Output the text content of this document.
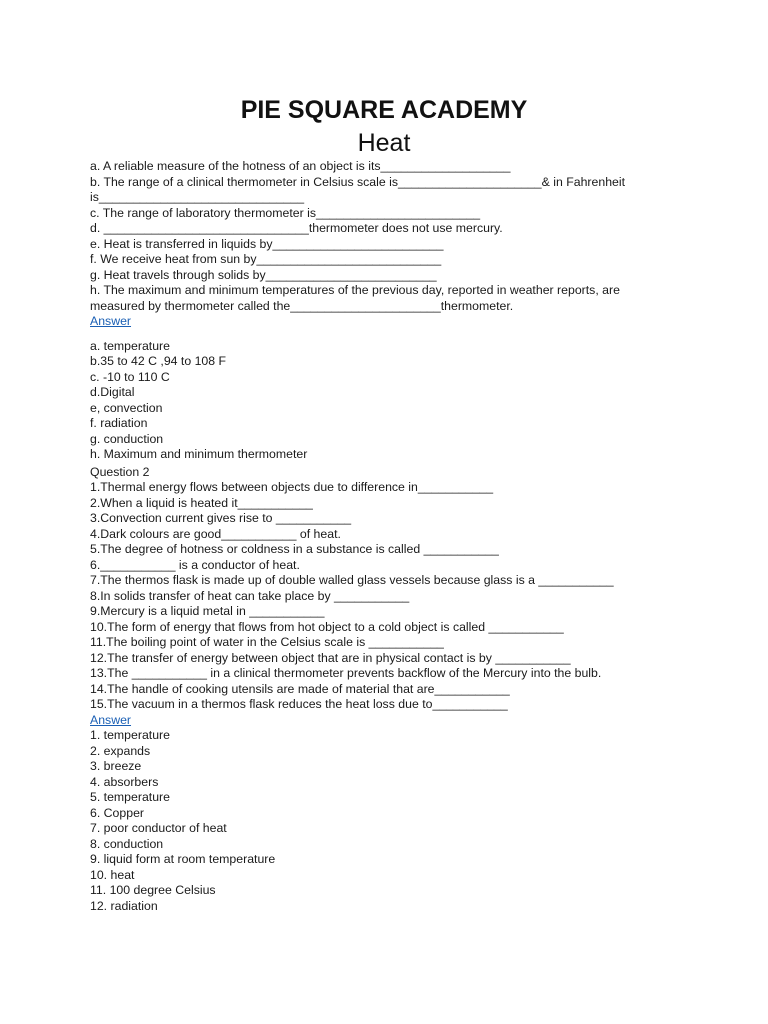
PIE SQUARE ACADEMY
Heat
a. A reliable measure of the hotness of an object is its___________________
b. The range of a clinical thermometer in Celsius scale is_____________________& in Fahrenheit
is______________________________
c. The range of laboratory thermometer is________________________
d. ______________________________thermometer does not use mercury.
e. Heat is transferred in liquids by_________________________
f. We receive heat from sun by___________________________
g. Heat travels through solids by_________________________
h. The maximum and minimum temperatures of the previous day, reported in weather reports, are
measured by thermometer called the______________________thermometer.
Answer
a. temperature
b.35 to 42 C ,94 to 108 F
c. -10 to 110 C
d.Digital
e, convection
f. radiation
g. conduction
h. Maximum and minimum thermometer
Question 2
1.Thermal energy flows between objects due to difference in___________
2.When a liquid is heated it___________
3.Convection current gives rise to ___________
4.Dark colours are good___________ of heat.
5.The degree of hotness or coldness in a substance is called ___________
6.___________ is a conductor of heat.
7.The thermos flask is made up of double walled glass vessels because glass is a ___________
8.In solids transfer of heat can take place by ___________
9.Mercury is a liquid metal in ___________
10.The form of energy that flows from hot object to a cold object is called ___________
11.The boiling point of water in the Celsius scale is ___________
12.The transfer of energy between object that are in physical contact is by ___________
13.The ___________ in a clinical thermometer prevents backflow of the Mercury into the bulb.
14.The handle of cooking utensils are made of material that are___________
15.The vacuum in a thermos flask reduces the heat loss due to___________
Answer
1. temperature
2. expands
3. breeze
4. absorbers
5. temperature
6. Copper
7. poor conductor of heat
8. conduction
9. liquid form at room temperature
10. heat
11. 100 degree Celsius
12. radiation
